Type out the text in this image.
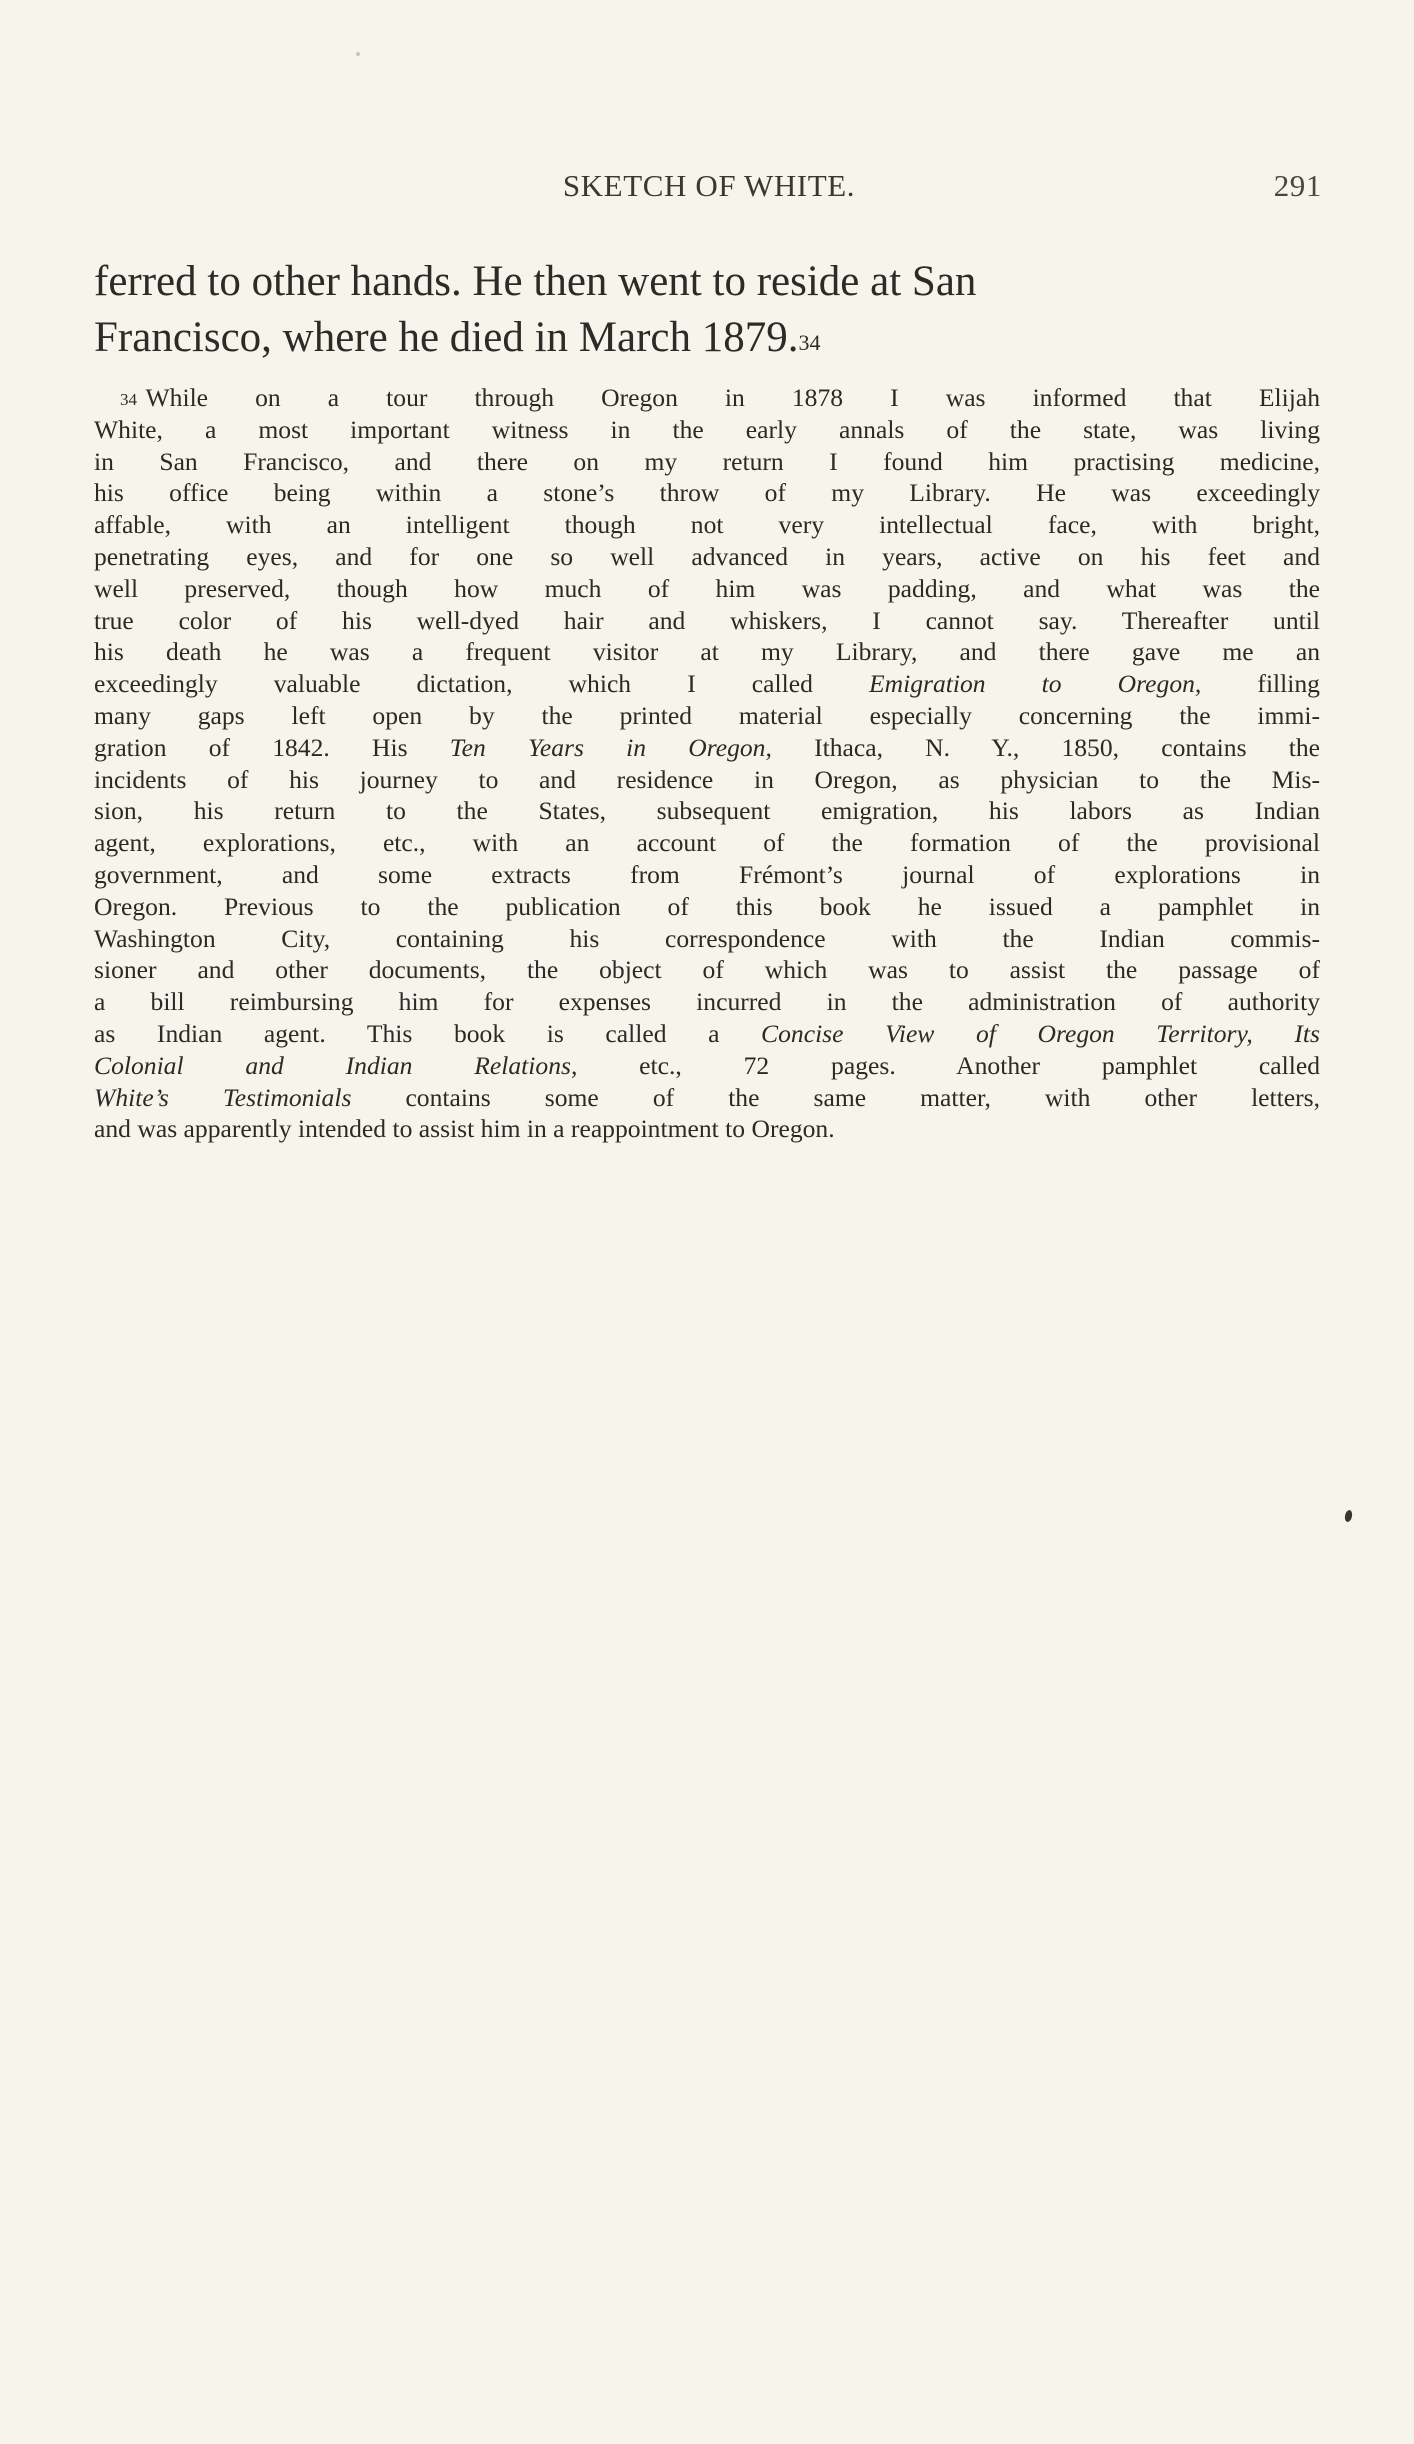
SKETCH OF WHITE.	291

ferred to other hands. He then went to reside at San
Francisco, where he died in March 1879.34

$^{34}$ While on a tour through Oregon in 1878 I was informed that Elijah
White, a most important witness in the early annals of the state, was living
in San Francisco, and there on my return I found him practising medicine,
his office being within a stone’s throw of my Library. He was exceedingly
affable, with an intelligent though not very intellectual face, with bright,
penetrating eyes, and for one so well advanced in years, active on his feet and
well preserved, though how much of him was padding, and what was the
true color of his well-dyed hair and whiskers, I cannot say. Thereafter until
his death he was a frequent visitor at my Library, and there gave me an
exceedingly valuable dictation, which I called Emigration to Oregon, filling
many gaps left open by the printed material especially concerning the immi-
gration of 1842. His Ten Years in Oregon, Ithaca, N. Y., 1850, contains the
incidents of his journey to and residence in Oregon, as physician to the Mis-
sion, his return to the States, subsequent emigration, his labors as Indian
agent, explorations, etc., with an account of the formation of the provisional
government, and some extracts from Frémont’s journal of explorations in
Oregon. Previous to the publication of this book he issued a pamphlet in
Washington City, containing his correspondence with the Indian commis-
sioner and other documents, the object of which was to assist the passage of
a bill reimbursing him for expenses incurred in the administration of authority
as Indian agent. This book is called a Concise View of Oregon Territory, Its
Colonial and Indian Relations, etc., 72 pages. Another pamphlet called
White’s Testimonials contains some of the same matter, with other letters,
and was apparently intended to assist him in a reappointment to Oregon.
